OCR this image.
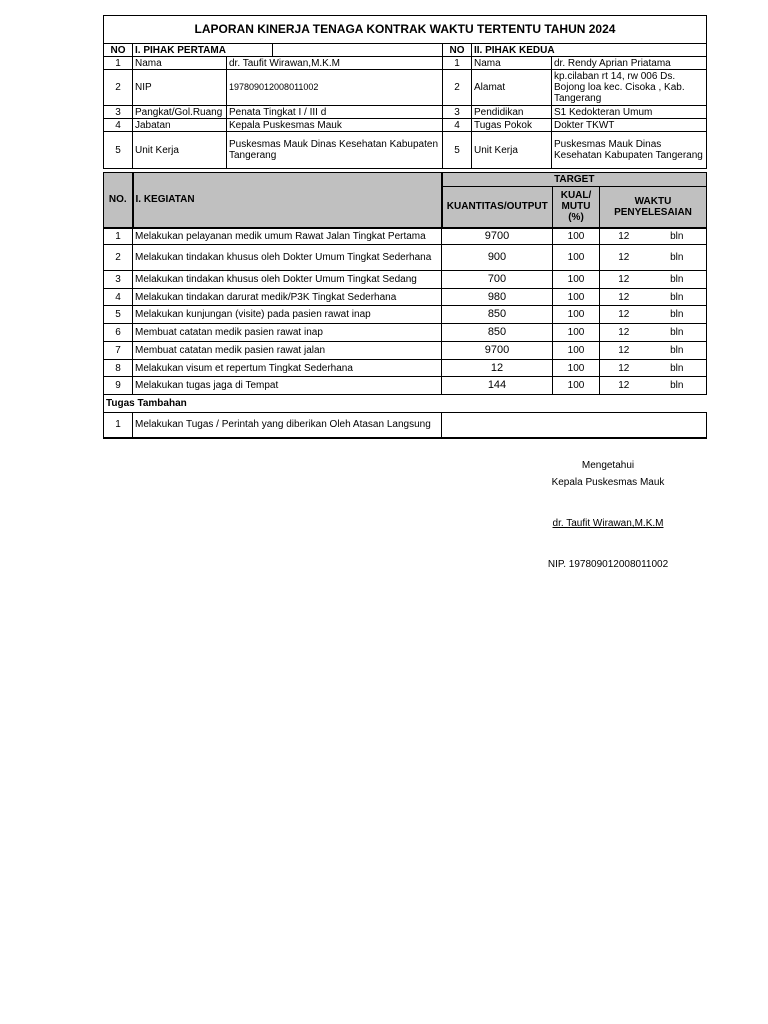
LAPORAN KINERJA TENAGA KONTRAK WAKTU TERTENTU TAHUN 2024						
NO	I. PIHAK PERTAMA			NO	II. PIHAK KEDUA	
1	Nama	dr. Taufit Wirawan,M.K.M		1	Nama	dr. Rendy Aprian Priatama
2	NIP	197809012008011002		2	Alamat	kp.cilaban rt 14, rw 006 Ds. Bojong loa kec. Cisoka , Kab. Tangerang
3	Pangkat/Gol.Ruang	Penata Tingkat I / III d		3	Pendidikan	S1 Kedokteran Umum
4	Jabatan	Kepala Puskesmas Mauk		4	Tugas Pokok	Dokter TKWT
5	Unit Kerja	Puskesmas Mauk Dinas Kesehatan Kabupaten Tangerang		5	Unit Kerja	Puskesmas Mauk Dinas Kesehatan Kabupaten Tangerang
NO.	I. KEGIATAN	TARGET			
		KUANTITAS/OUTPUT	KUAL/ MUTU (%)	WAKTU PENYELESAIAN	
1	Melakukan pelayanan medik umum Rawat Jalan Tingkat Pertama	9700	100	12	bln
2	Melakukan tindakan khusus oleh Dokter Umum Tingkat Sederhana	900	100	12	bln
3	Melakukan tindakan khusus oleh Dokter Umum Tingkat Sedang	700	100	12	bln
4	Melakukan tindakan darurat medik/P3K Tingkat Sederhana	980	100	12	bln
5	Melakukan kunjungan (visite) pada pasien rawat inap	850	100	12	bln
6	Membuat catatan medik pasien rawat inap	850	100	12	bln
7	Membuat catatan medik pasien rawat jalan	9700	100	12	bln
8	Melakukan visum et repertum Tingkat Sederhana	12	100	12	bln
9	Melakukan tugas jaga di Tempat	144	100	12	bln
Tugas Tambahan					
1	Melakukan Tugas / Perintah yang diberikan Oleh Atasan Langsung				
Mengetahui
Kepala Puskesmas Mauk
dr. Taufit Wirawan,M.K.M
NIP. 197809012008011002
